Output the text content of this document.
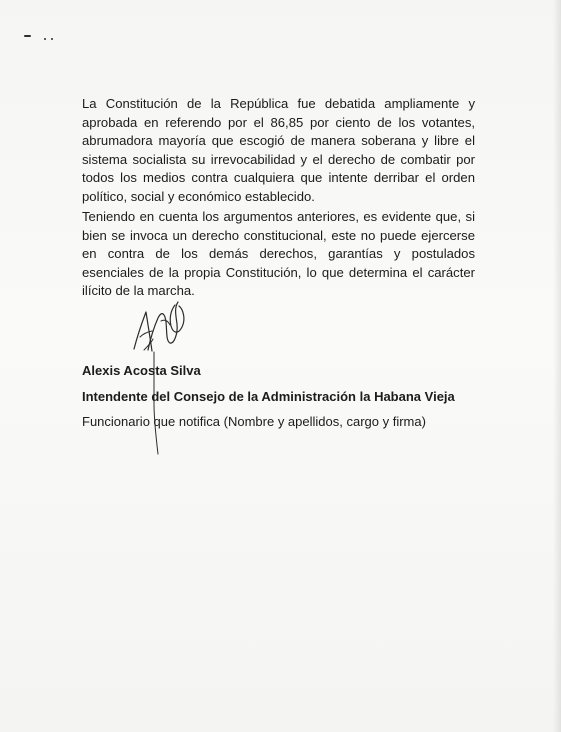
La Constitución de la República fue debatida ampliamente y aprobada en referendo por el 86,85 por ciento de los votantes, abrumadora mayoría que escogió de manera soberana y libre el sistema socialista su irrevocabilidad y el derecho de combatir por todos los medios contra cualquiera que intente derribar el orden político, social y económico establecido.

Teniendo en cuenta los argumentos anteriores, es evidente que, si bien se invoca un derecho constitucional, este no puede ejercerse en contra de los demás derechos, garantías y postulados esenciales de la propia Constitución, lo que determina el carácter ilícito de la marcha.

Alexis Acosta Silva

Intendente del Consejo de la Administración la Habana Vieja

Funcionario que notifica (Nombre y apellidos, cargo y firma)
